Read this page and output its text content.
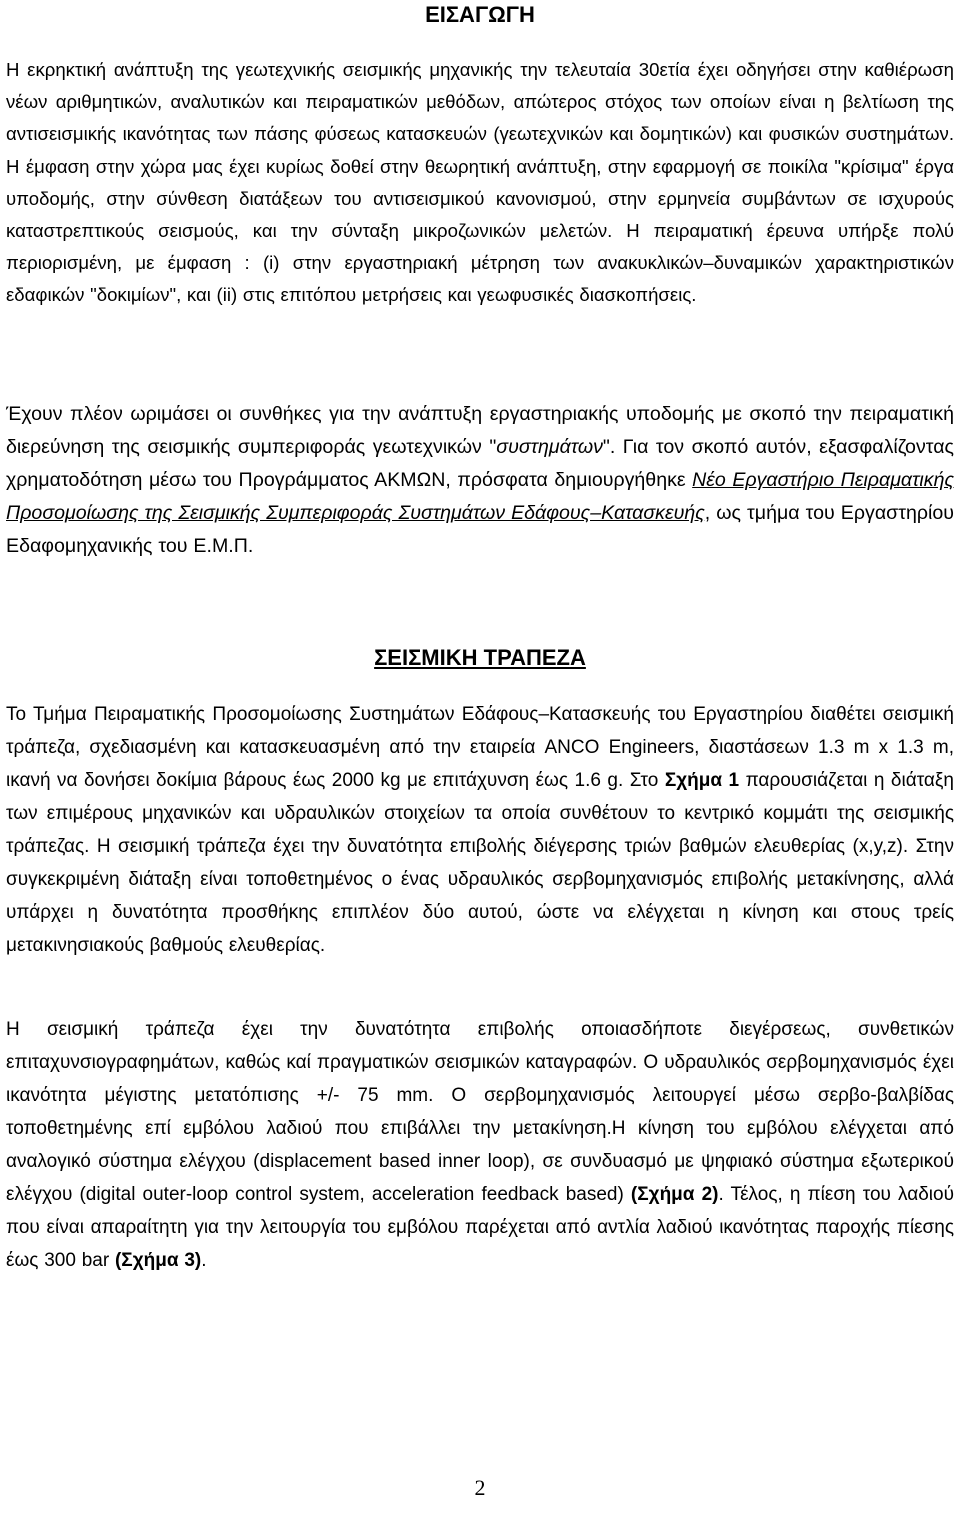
ΕΙΣΑΓΩΓΗ

Η εκρηκτική ανάπτυξη της γεωτεχνικής σεισμικής μηχανικής την τελευταία 30ετία έχει οδηγήσει στην καθιέρωση νέων αριθμητικών, αναλυτικών και πειραματικών μεθόδων, απώτερος στόχος των οποίων είναι η βελτίωση της αντισεισμικής ικανότητας των πάσης φύσεως κατασκευών (γεωτεχνικών και δομητικών) και φυσικών συστημάτων. Η έμφαση στην χώρα μας έχει κυρίως δοθεί στην θεωρητική ανάπτυξη, στην εφαρμογή σε ποικίλα "κρίσιμα" έργα υποδομής, στην σύνθεση διατάξεων του αντισεισμικού κανονισμού, στην ερμηνεία συμβάντων σε ισχυρούς καταστρεπτικούς σεισμούς, και την σύνταξη μικροζωνικών μελετών. Η πειραματική έρευνα υπήρξε πολύ περιορισμένη, με έμφαση : (i) στην εργαστηριακή μέτρηση των ανακυκλικών‒δυναμικών χαρακτηριστικών εδαφικών "δοκιμίων", και (ii) στις επιτόπου μετρήσεις και γεωφυσικές διασκοπήσεις.

Έχουν πλέον ωριμάσει οι συνθήκες για την ανάπτυξη εργαστηριακής υποδομής με σκοπό την πειραματική διερεύνηση της σεισμικής συμπεριφοράς γεωτεχνικών "συστημάτων". Για τον σκοπό αυτόν, εξασφαλίζοντας χρηματοδότηση μέσω του Προγράμματος ΑΚΜΩΝ, πρόσφατα δημιουργήθηκε Νέο Εργαστήριο Πειραματικής Προσομοίωσης της Σεισμικής Συμπεριφοράς Συστημάτων Εδάφους‒Κατασκευής, ως τμήμα του Εργαστηρίου Εδαφομηχανικής του Ε.Μ.Π.

ΣΕΙΣΜΙΚΗ ΤΡΑΠΕΖΑ

Το Τμήμα Πειραματικής Προσομοίωσης Συστημάτων Εδάφους‒Κατασκευής του Εργαστηρίου διαθέτει σεισμική τράπεζα, σχεδιασμένη και κατασκευασμένη από την εταιρεία ANCO Engineers, διαστάσεων 1.3 m x 1.3 m, ικανή να δονήσει δοκίμια βάρους έως 2000 kg με επιτάχυνση έως 1.6 g. Στο Σχήμα 1 παρουσιάζεται η διάταξη των επιμέρους μηχανικών και υδραυλικών στοιχείων τα οποία συνθέτουν το κεντρικό κομμάτι της σεισμικής τράπεζας. Η σεισμική τράπεζα έχει την δυνατότητα επιβολής διέγερσης τριών βαθμών ελευθερίας (x,y,z). Στην συγκεκριμένη διάταξη είναι τοποθετημένος ο ένας υδραυλικός σερβομηχανισμός επιβολής μετακίνησης, αλλά υπάρχει η δυνατότητα προσθήκης επιπλέον δύο αυτού, ώστε να ελέγχεται η κίνηση και στους τρείς μετακινησιακούς βαθμούς ελευθερίας.

Η σεισμική τράπεζα έχει την δυνατότητα επιβολής οποιασδήποτε διεγέρσεως, συνθετικών επιταχυνσιογραφημάτων, καθώς καί πραγματικών σεισμικών καταγραφών. Ο υδραυλικός σερβομηχανισμός έχει ικανότητα μέγιστης μετατόπισης +/- 75 mm. Ο σερβομηχανισμός λειτουργεί μέσω σερβο-βαλβίδας τοποθετημένης επί εμβόλου λαδιού που επιβάλλει την μετακίνηση.Η κίνηση του εμβόλου ελέγχεται από αναλογικό σύστημα ελέγχου (displacement based inner loop), σε συνδυασμό με ψηφιακό σύστημα εξωτερικού ελέγχου (digital outer-loop control system, acceleration feedback based) (Σχήμα 2). Τέλος, η πίεση του λαδιού που είναι απαραίτητη για την λειτουργία του εμβόλου παρέχεται από αντλία λαδιού ικανότητας παροχής πίεσης έως 300 bar (Σχήμα 3).

2
